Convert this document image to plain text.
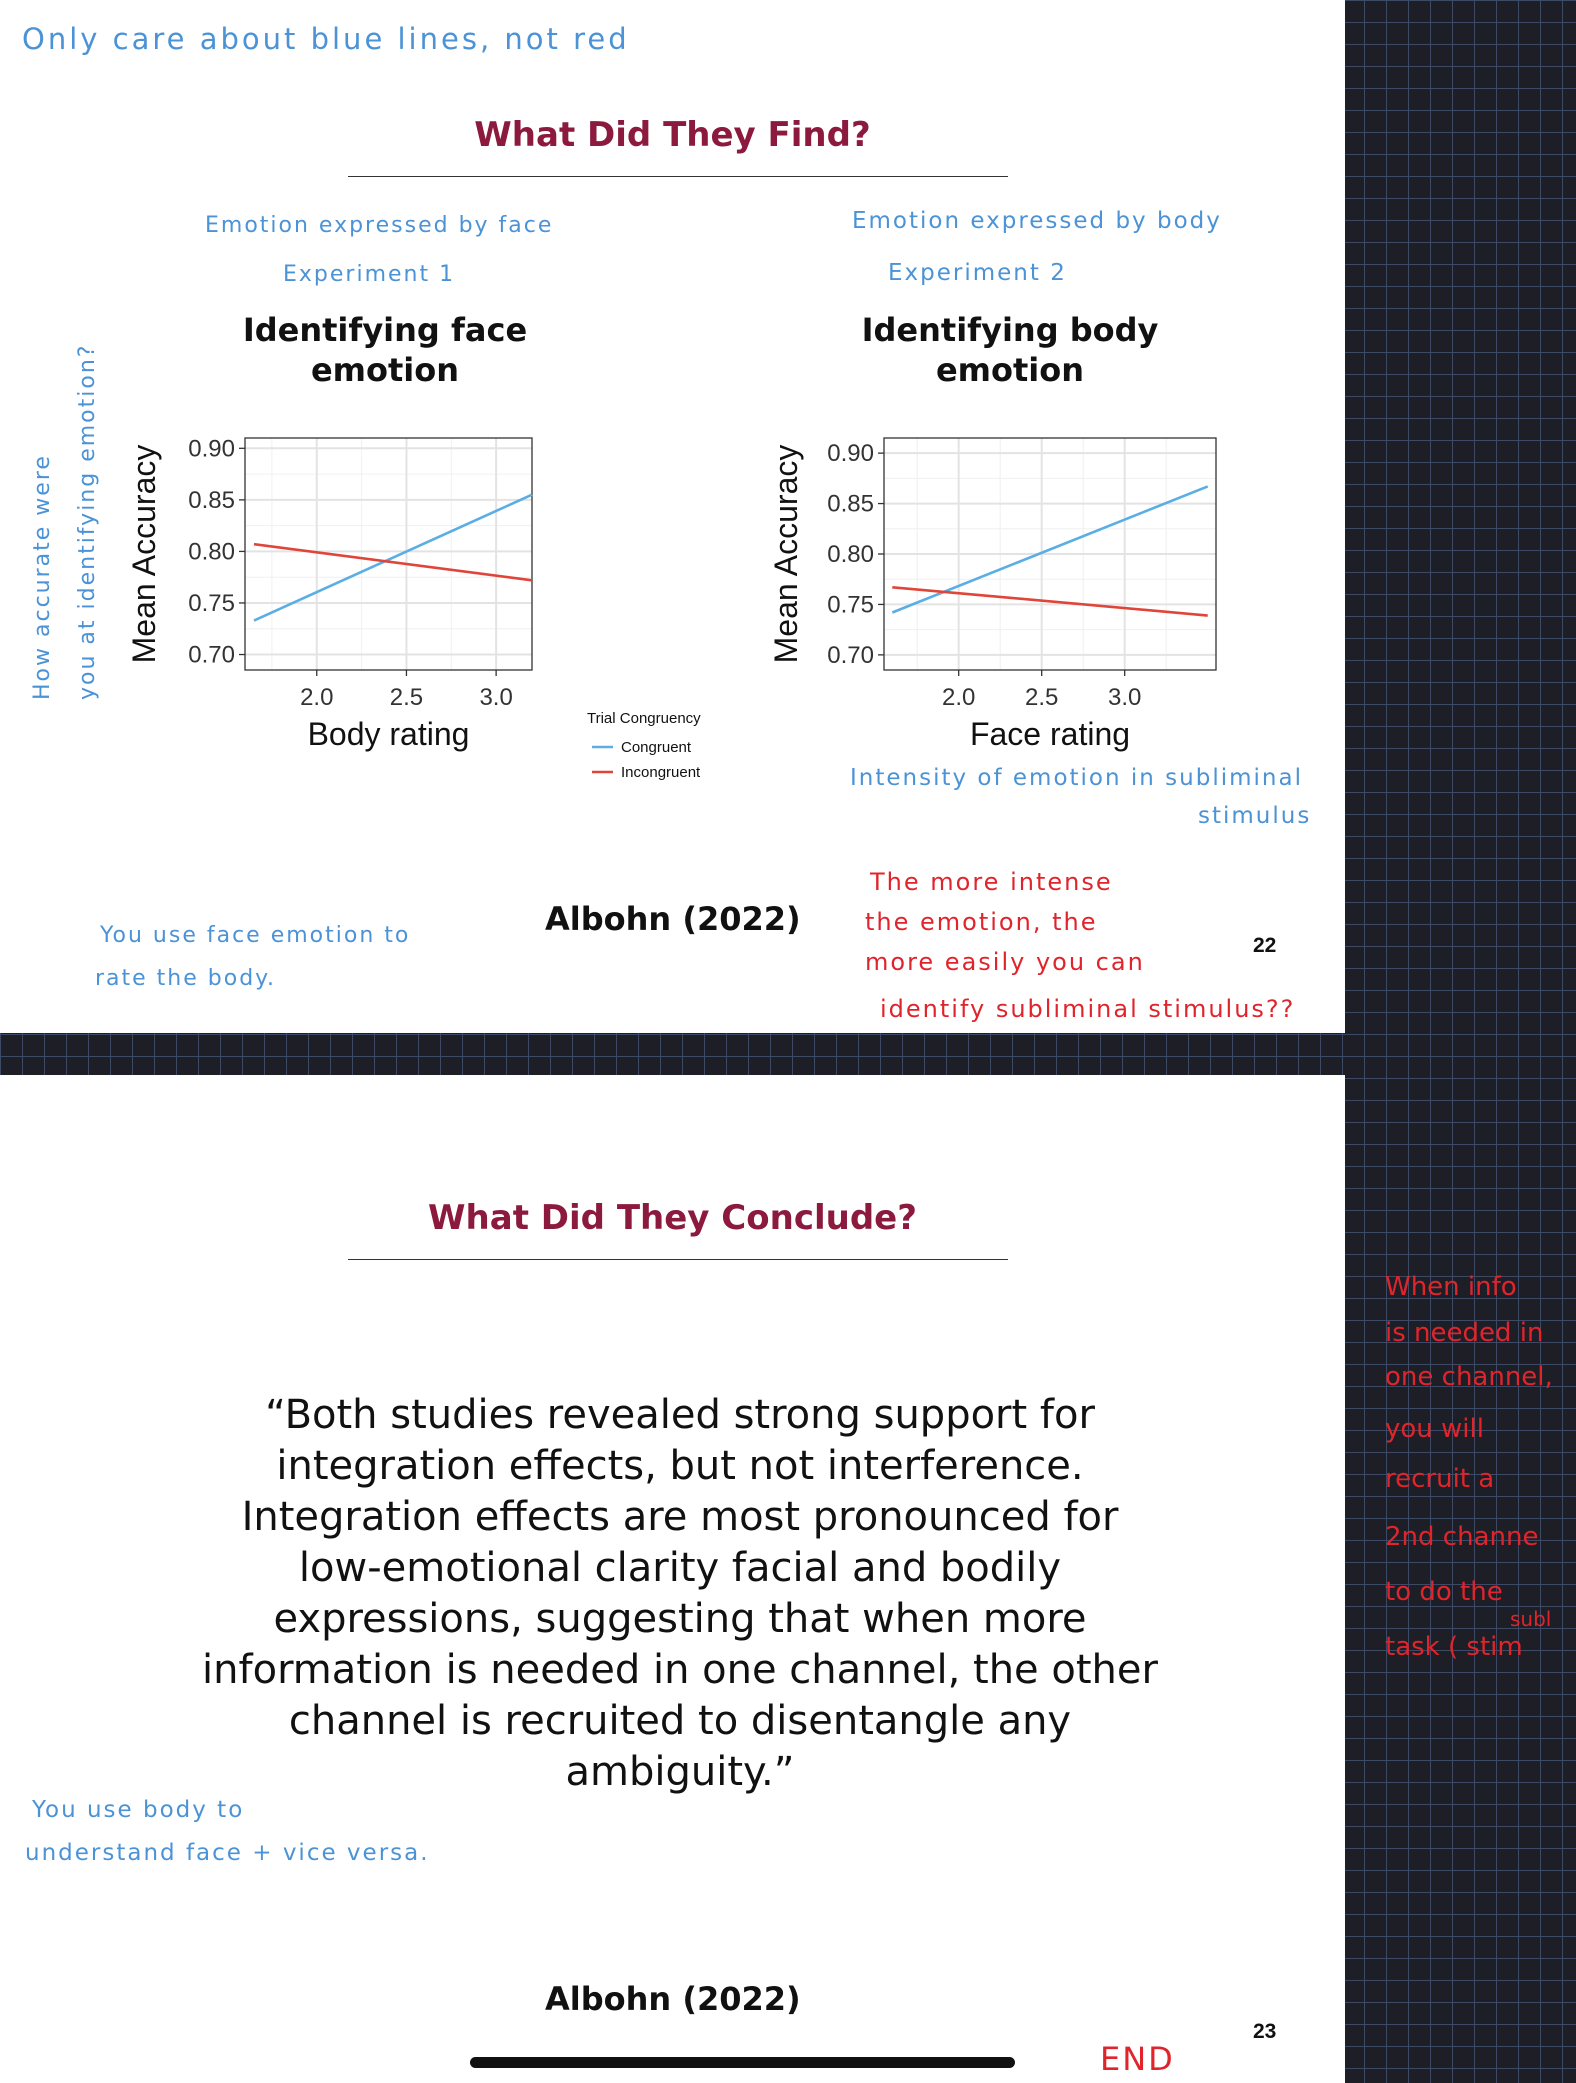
What Did They Find?
Only care about blue lines, not red
Emotion expressed by face
Experiment 1
Emotion expressed by body
Experiment 2
How accurate were you at identifying emotion?
Intensity of emotion in subliminal
stimulus
You use face emotion to
rate the body.
The more intense
the emotion, the
more easily you can
identify subliminal stimulus??
Identifying face emotion
Identifying body emotion
2.0 2.5 3.0
0.90
0.85
0.80
0.75
0.70
Body rating
Mean Accuracy
2.0 2.5 3.0
0.90
0.85
0.80
0.75
0.70
Face rating
Mean Accuracy
Trial Congruency
Congruent
Incongruent
Albohn (2022)
22
What Did They Conclude?
Albohn (2022)
23
“Both studies revealed strong support for integration effects, but not interference. Integration effects are most pronounced for low-emotional clarity facial and bodily expressions, suggesting that when more information is needed in one channel, the other channel is recruited to disentangle any ambiguity.”
You use body to
understand face + vice versa.
END
When info
is needed in
one channel,
you will
recruit a
2nd channe
to do the
subl
task ( stim
